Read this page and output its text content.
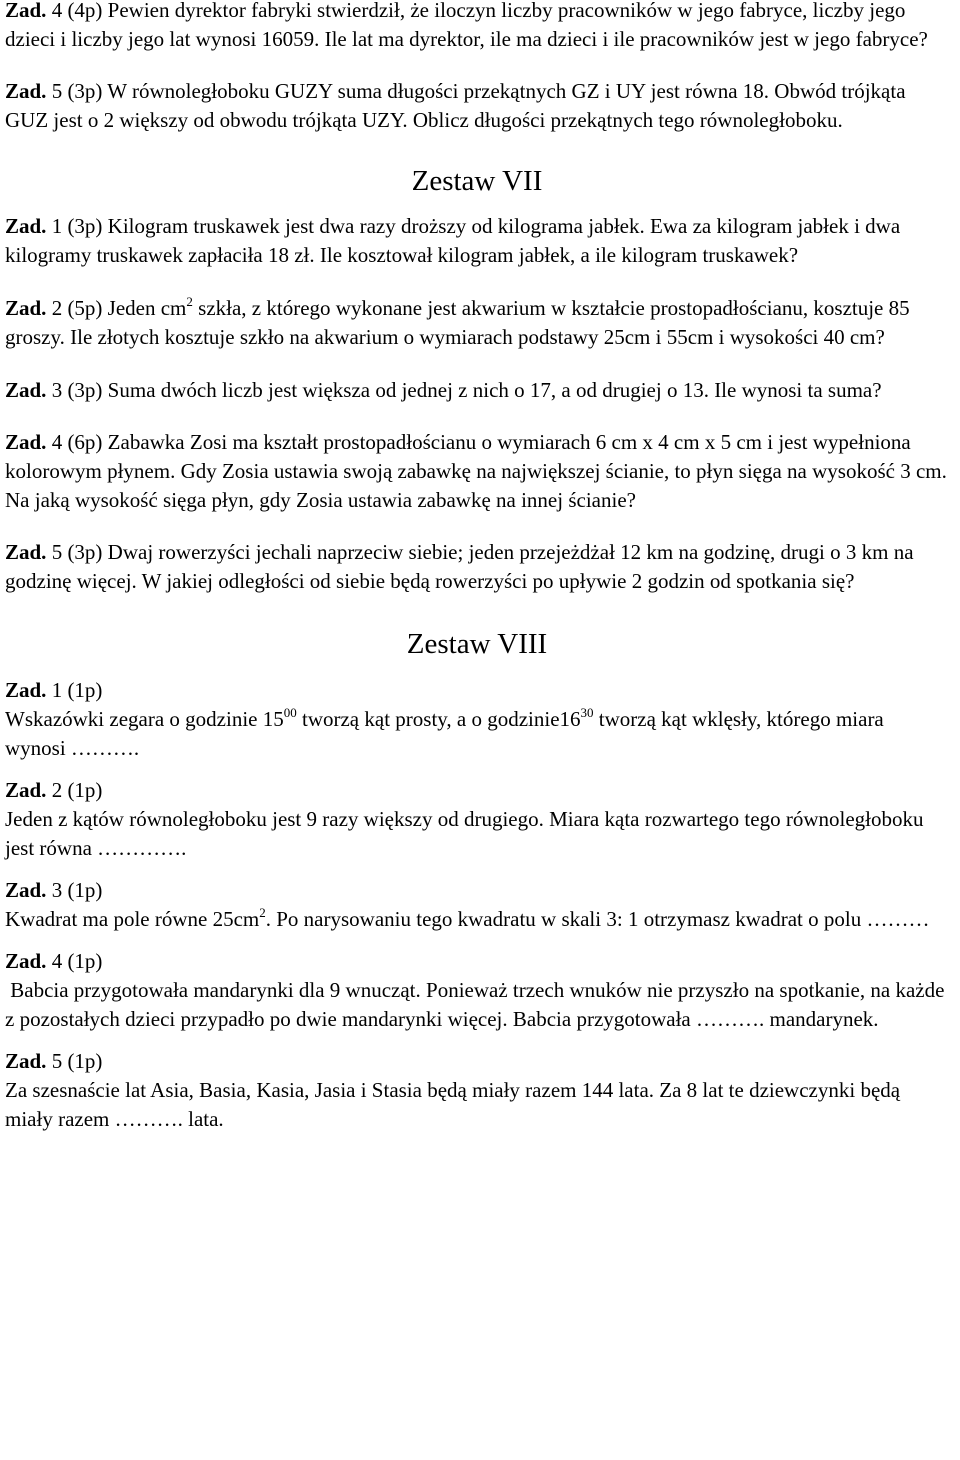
Zad. 4 (4p) Pewien dyrektor fabryki stwierdził, że iloczyn liczby pracowników w jego fabryce, liczby jego dzieci i liczby jego lat wynosi 16059. Ile lat ma dyrektor, ile ma dzieci i ile pracowników jest w jego fabryce?

Zad. 5 (3p) W równoległoboku GUZY suma długości przekątnych GZ i UY jest równa 18. Obwód trójkąta GUZ jest o 2 większy od obwodu trójkąta UZY. Oblicz długości przekątnych tego równoległoboku.

Zestaw VII

Zad. 1 (3p) Kilogram truskawek jest dwa razy droższy od kilograma jabłek. Ewa za kilogram jabłek i dwa kilogramy truskawek zapłaciła 18 zł. Ile kosztował kilogram jabłek, a ile kilogram truskawek?

Zad. 2 (5p) Jeden $cm^2$ szkła, z którego wykonane jest akwarium w kształcie prostopadłościanu, kosztuje 85 groszy. Ile złotych kosztuje szkło na akwarium o wymiarach podstawy 25cm i 55cm i wysokości 40 cm?

Zad. 3 (3p) Suma dwóch liczb jest większa od jednej z nich o 17, a od drugiej o 13. Ile wynosi ta suma?

Zad. 4 (6p) Zabawka Zosi ma kształt prostopadłościanu o wymiarach 6 cm x 4 cm x 5 cm i jest wypełniona kolorowym płynem. Gdy Zosia ustawia swoją zabawkę na największej ścianie, to płyn sięga na wysokość 3 cm. Na jaką wysokość sięga płyn, gdy Zosia ustawia zabawkę na innej ścianie?

Zad. 5 (3p) Dwaj rowerzyści jechali naprzeciw siebie; jeden przejeżdżał 12 km na godzinę, drugi o 3 km na godzinę więcej. W jakiej odległości od siebie będą rowerzyści po upływie 2 godzin od spotkania się?

Zestaw VIII

Zad. 1 (1p)
Wskazówki zegara o godzinie $15^{00}$ tworzą kąt prosty, a o $godzinie16^{30}$ tworzą kąt wklęsły, którego miara wynosi ……….

Zad. 2 (1p)
Jeden z kątów równoległoboku jest 9 razy większy od drugiego. Miara kąta rozwartego tego równoległoboku jest równa ………….

Zad. 3 (1p)
Kwadrat ma pole równe $25cm^2$. Po narysowaniu tego kwadratu w skali 3: 1 otrzymasz kwadrat o polu ………

Zad. 4 (1p)
Babcia przygotowała mandarynki dla 9 wnucząt. Ponieważ trzech wnuków nie przyszło na spotkanie, na każde z pozostałych dzieci przypadło po dwie mandarynki więcej. Babcia przygotowała ………. mandarynek.

Zad. 5 (1p)
Za szesnaście lat Asia, Basia, Kasia, Jasia i Stasia będą miały razem 144 lata. Za 8 lat te dziewczynki będą miały razem ………. lata.
